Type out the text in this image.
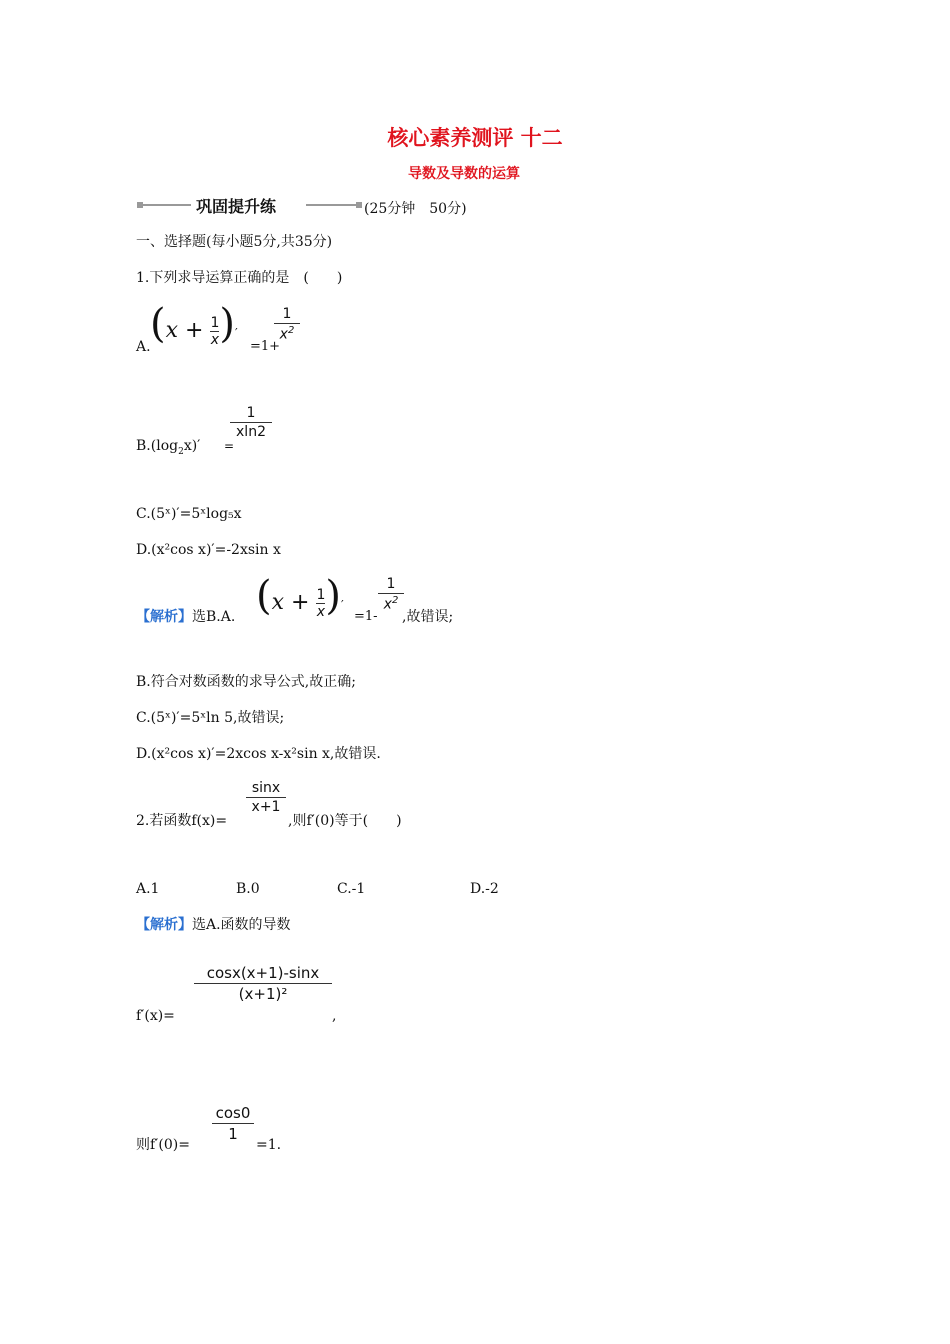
核心素养测评 十二
导数及导数的运算
巩固提升练	(25分钟　50分)
一、选择题(每小题5分,共35分)
1.下列求导运算正确的是　(　　)
A. ($x + \frac{1}{x}$ )′
=1+
1
$x^2$
$B.(\log_2x)'$ =
1
xln2
C.(5ˣ)′=5ˣlog₅x
D.(x²cos x)′=-2xsin x
【解析】选B.A. ($x + \frac{1}{x}$ )′
=1-
1
$x^2$
,故错误;
B.符合对数函数的求导公式,故正确;
C.(5ˣ)′=5ˣln 5,故错误;
D.(x²cos x)′=2xcos x-x²sin x,故错误.
2.若函数f(x)=
sinx
x+1
,则f′(0)等于(　　)
A.1	B.0	C.-1	D.-2
【解析】选A.函数的导数
f′(x)=
cosx(x+1)-sinx
(x+1)²
,
则f′(0)=
cos0
1
=1.
